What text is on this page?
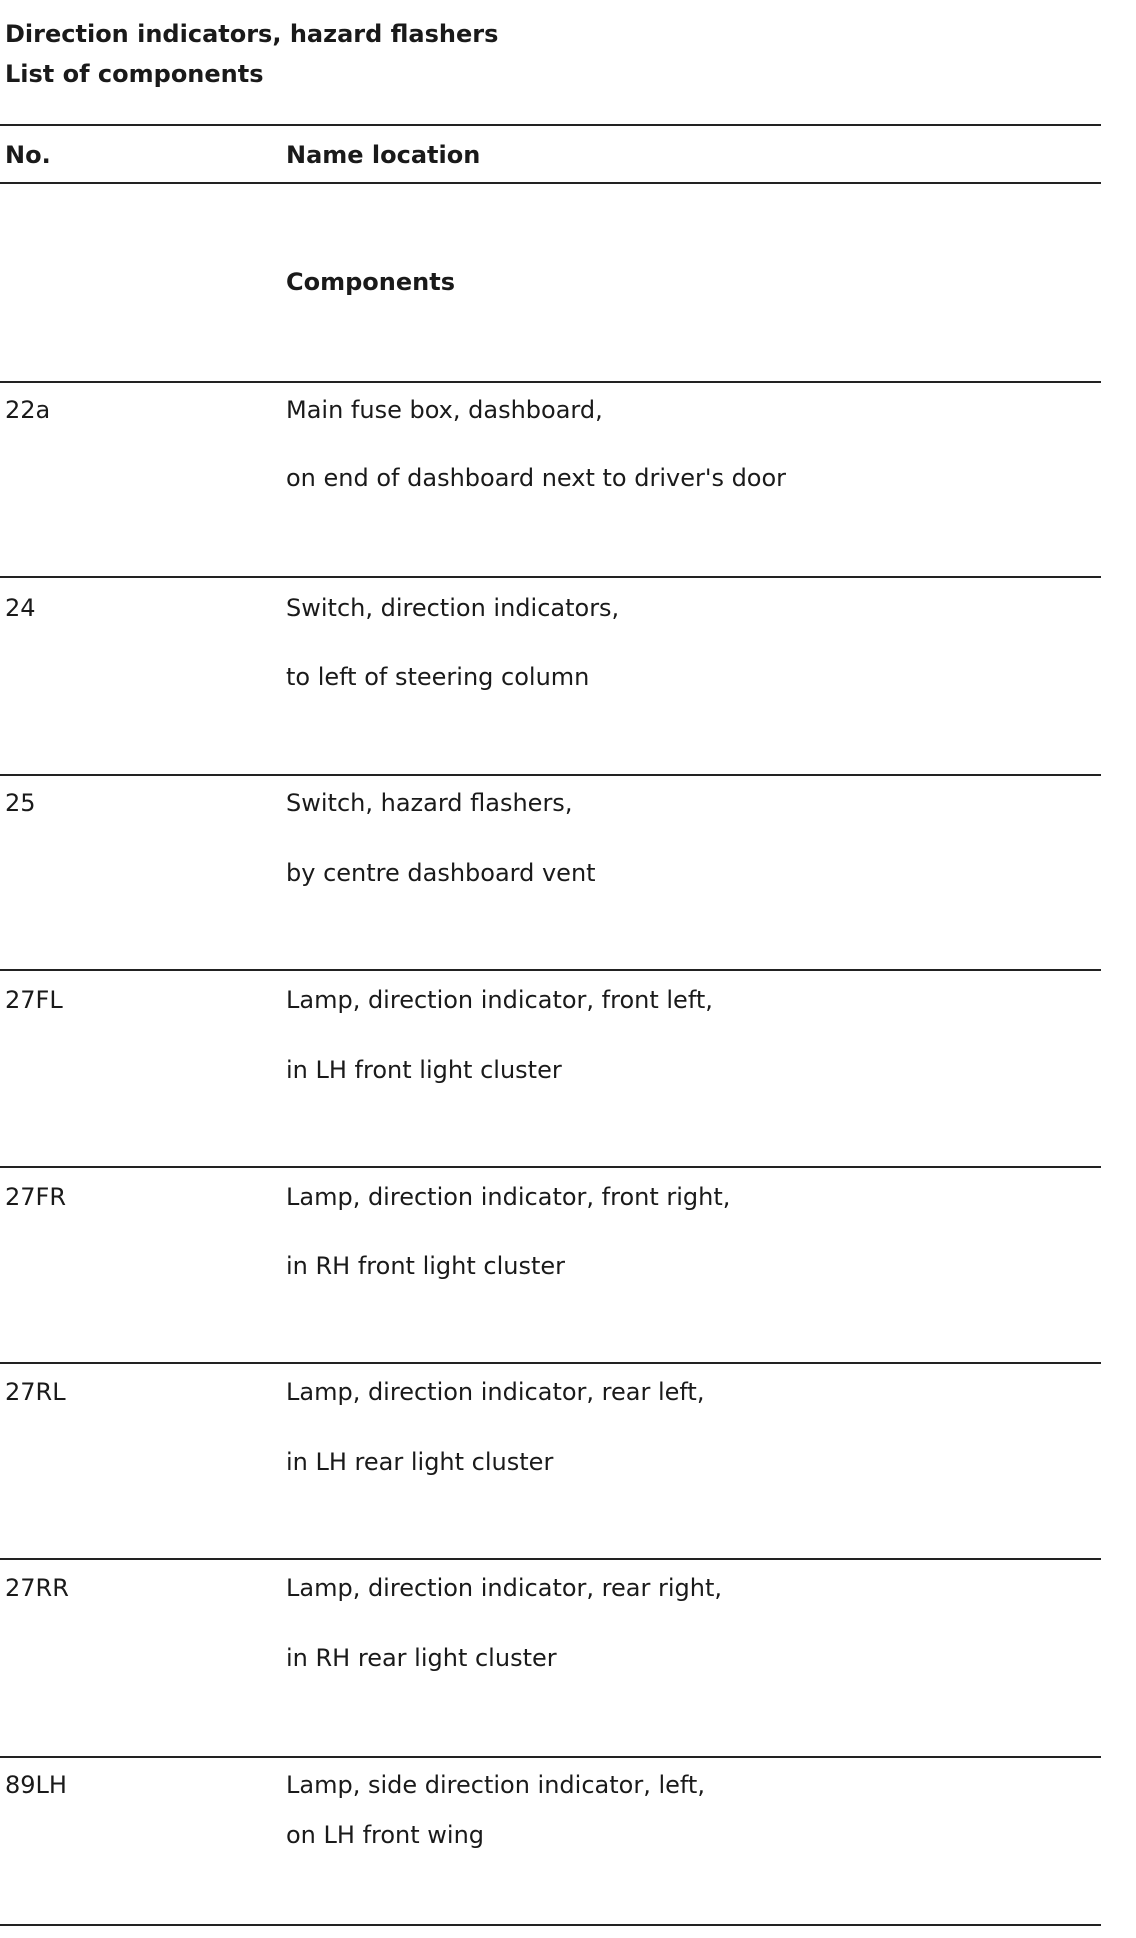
Direction indicators, hazard flashers
List of components
No.	Name location
Components
22a	Main fuse box, dashboard,
on end of dashboard next to driver's door
24	Switch, direction indicators,
to left of steering column
25	Switch, hazard flashers,
by centre dashboard vent
27FL	Lamp, direction indicator, front left,
in LH front light cluster
27FR	Lamp, direction indicator, front right,
in RH front light cluster
27RL	Lamp, direction indicator, rear left,
in LH rear light cluster
27RR	Lamp, direction indicator, rear right,
in RH rear light cluster
89LH	Lamp, side direction indicator, left,
on LH front wing
